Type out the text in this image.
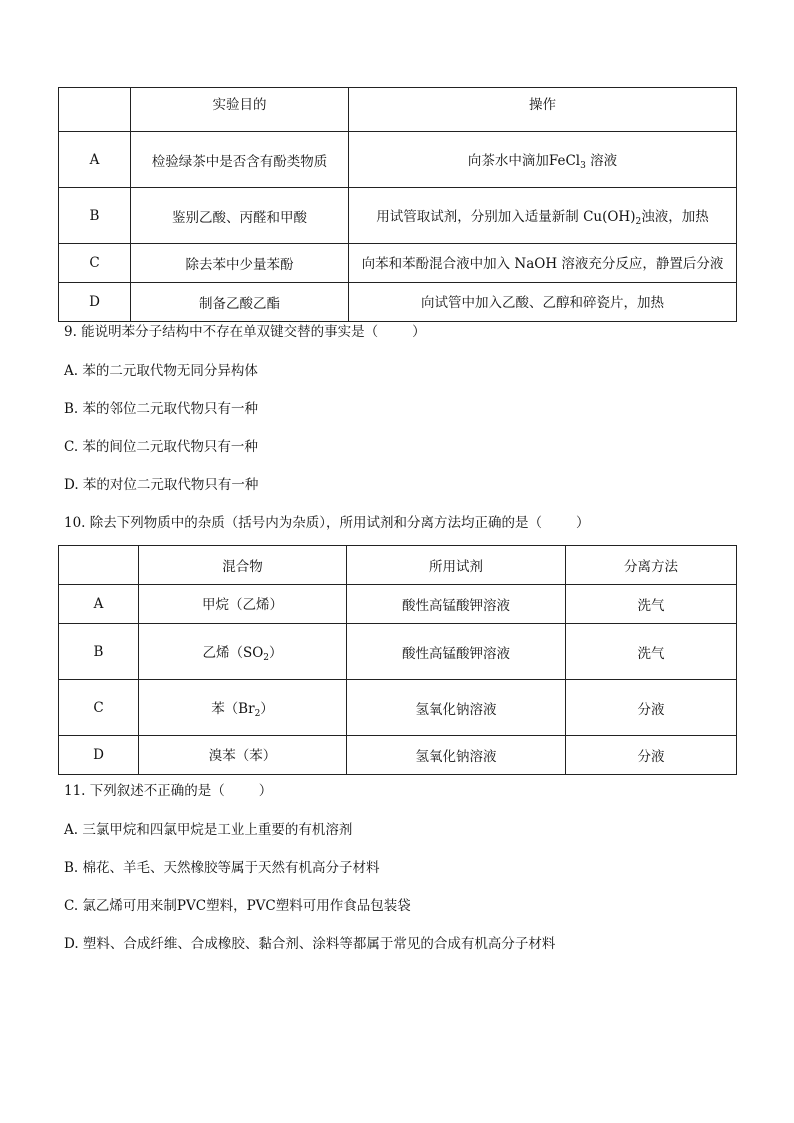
	实验目的	操作
A	检验绿茶中是否含有酚类物质	向茶水中滴加FeCl$_3$ 溶液
B	鉴别乙酸、丙醛和甲酸	用试管取试剂，分别加入适量新制 $Cu(OH)_2$浊液，加热
C	除去苯中少量苯酚	向苯和苯酚混合液中加入 NaOH 溶液充分反应，静置后分液
D	制备乙酸乙酯	向试管中加入乙酸、乙醇和碎瓷片，加热
9. 能说明苯分子结构中不存在单双键交替的事实是（	）
A. 苯的二元取代物无同分异构体
B. 苯的邻位二元取代物只有一种
C. 苯的间位二元取代物只有一种
D. 苯的对位二元取代物只有一种
10. 除去下列物质中的杂质（括号内为杂质），所用试剂和分离方法均正确的是（	）
	混合物	所用试剂	分离方法
A	甲烷（乙烯）	酸性高锰酸钾溶液	洗气
B	乙烯$(SO_2)$	酸性高锰酸钾溶液	洗气
C	苯$(Br_2)$	氢氧化钠溶液	分液
D	溴苯（苯）	氢氧化钠溶液	分液
11. 下列叙述不正确的是（	）
A. 三氯甲烷和四氯甲烷是工业上重要的有机溶剂
B. 棉花、羊毛、天然橡胶等属于天然有机高分子材料
C. 氯乙烯可用来制PVC塑料，PVC塑料可用作食品包装袋
D. 塑料、合成纤维、合成橡胶、黏合剂、涂料等都属于常见的合成有机高分子材料
